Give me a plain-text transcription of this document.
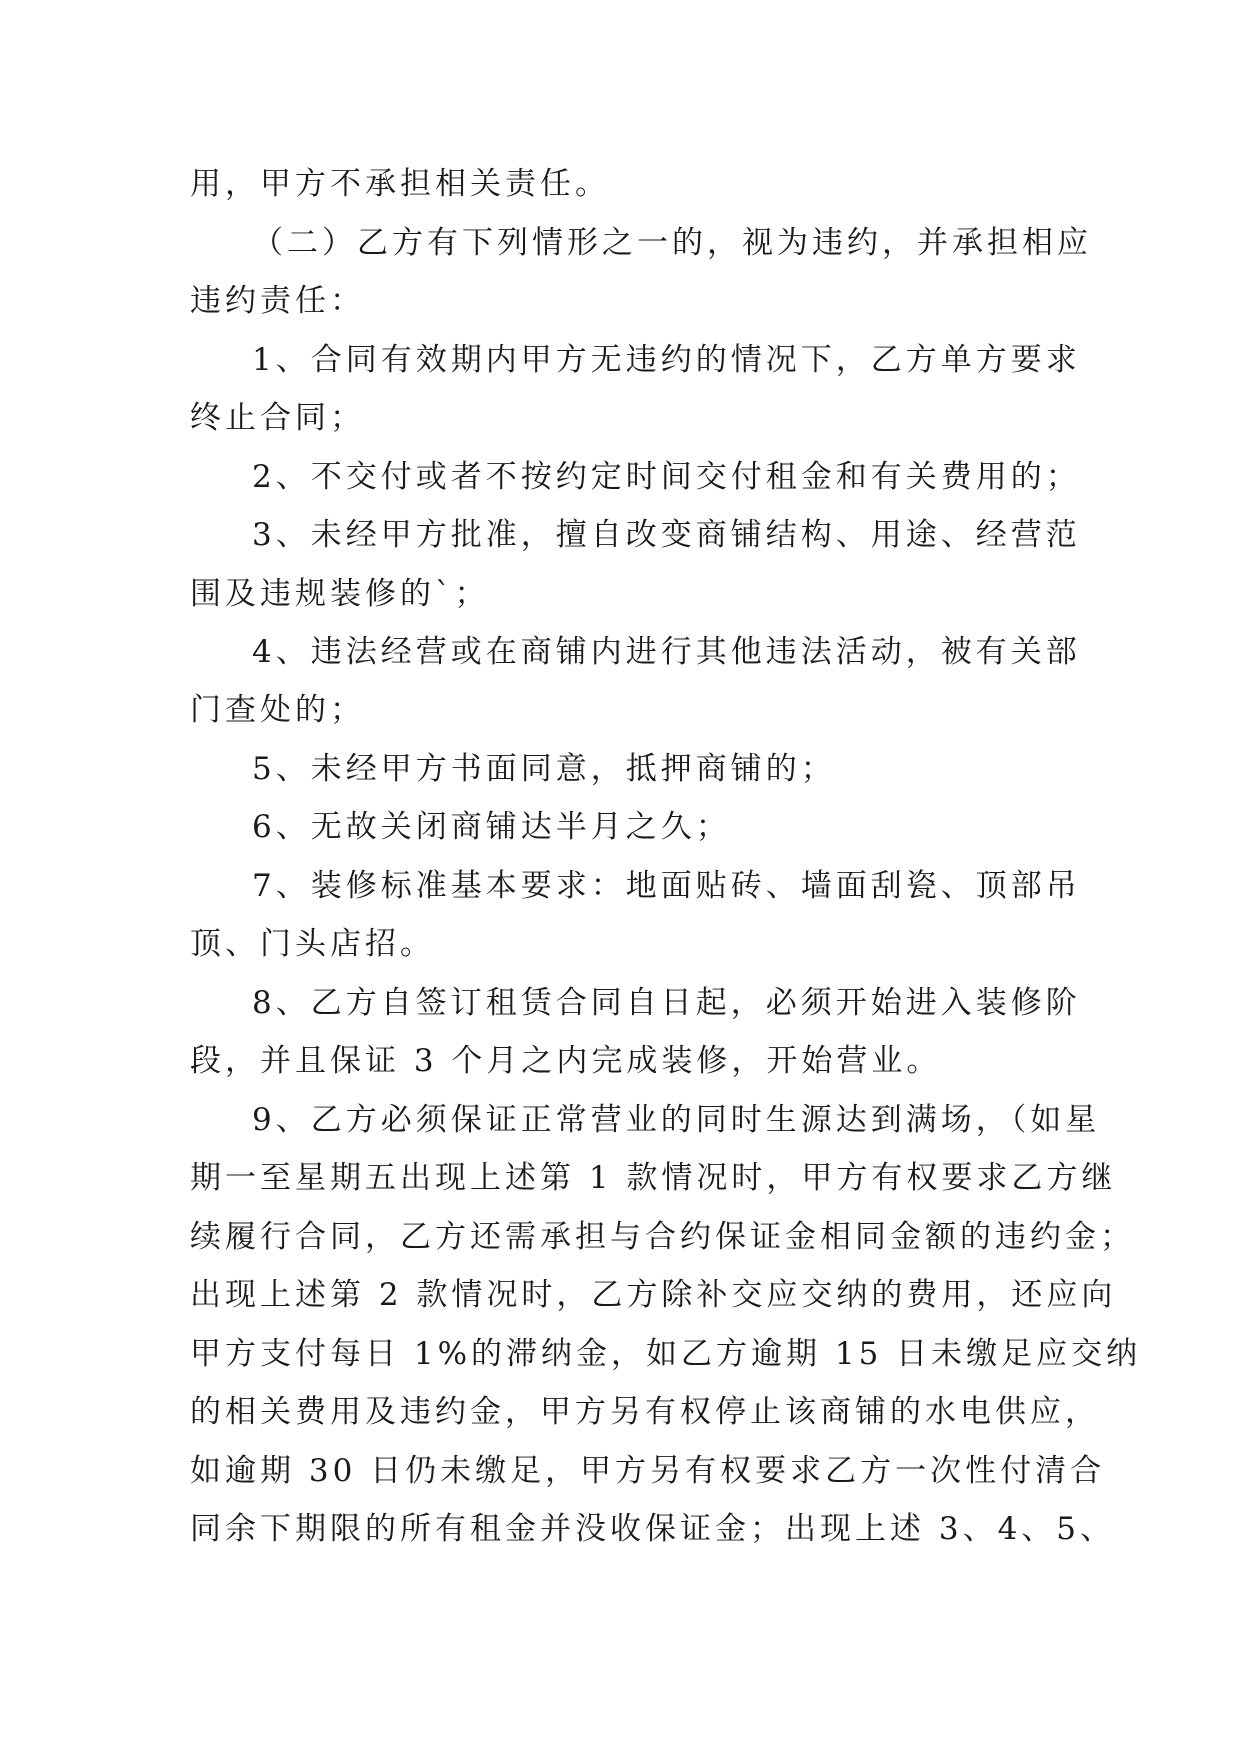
用，甲方不承担相关责任。
（二）乙方有下列情形之一的，视为违约，并承担相应
违约责任：
1、合同有效期内甲方无违约的情况下，乙方单方要求
终止合同；
2、不交付或者不按约定时间交付租金和有关费用的；
3、未经甲方批准，擅自改变商铺结构、用途、经营范
围及违规装修的`；
4、违法经营或在商铺内进行其他违法活动，被有关部
门查处的；
5、未经甲方书面同意，抵押商铺的；
6、无故关闭商铺达半月之久；
7、装修标准基本要求：地面贴砖、墙面刮瓷、顶部吊
顶、门头店招。
8、乙方自签订租赁合同自日起，必须开始进入装修阶
段，并且保证 3 个月之内完成装修，开始营业。
9、乙方必须保证正常营业的同时生源达到满场，（如星
期一至星期五出现上述第 1 款情况时，甲方有权要求乙方继
续履行合同，乙方还需承担与合约保证金相同金额的违约金；
出现上述第 2 款情况时，乙方除补交应交纳的费用，还应向
甲方支付每日 1%的滞纳金，如乙方逾期 15 日未缴足应交纳
的相关费用及违约金，甲方另有权停止该商铺的水电供应，
如逾期 30 日仍未缴足，甲方另有权要求乙方一次性付清合
同余下期限的所有租金并没收保证金；出现上述 3、4、5、
